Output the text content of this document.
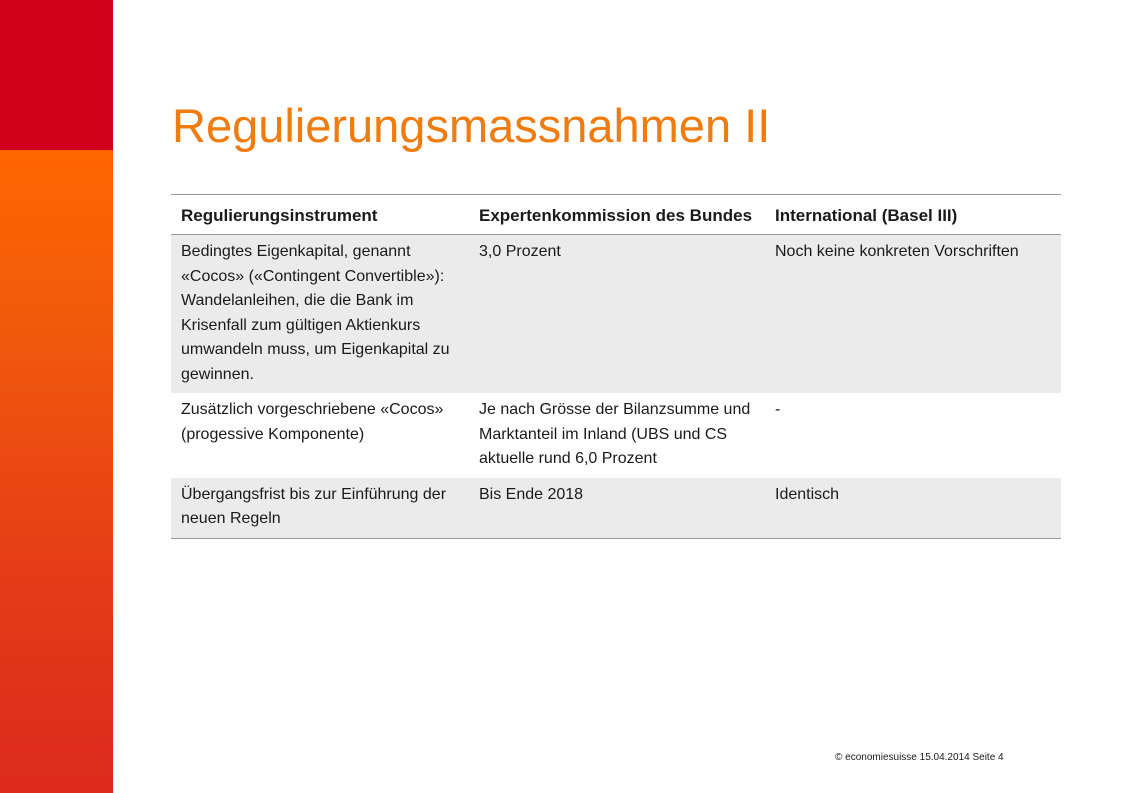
Regulierungsmassnahmen II
Regulierungsinstrument	Expertenkommission des Bundes	International (Basel III)
Bedingtes Eigenkapital, genannt «Cocos» («Contingent Convertible»): Wandelanleihen, die die Bank im Krisenfall zum gültigen Aktienkurs umwandeln muss, um Eigenkapital zu gewinnen.	3,0 Prozent	Noch keine konkreten Vorschriften
Zusätzlich vorgeschriebene «Cocos» (progessive Komponente)	Je nach Grösse der Bilanzsumme und Marktanteil im Inland (UBS und CS aktuelle rund 6,0 Prozent	-
Übergangsfrist bis zur Einführung der neuen Regeln	Bis Ende 2018	Identisch
© economiesuisse 15.04.2014 Seite 4
